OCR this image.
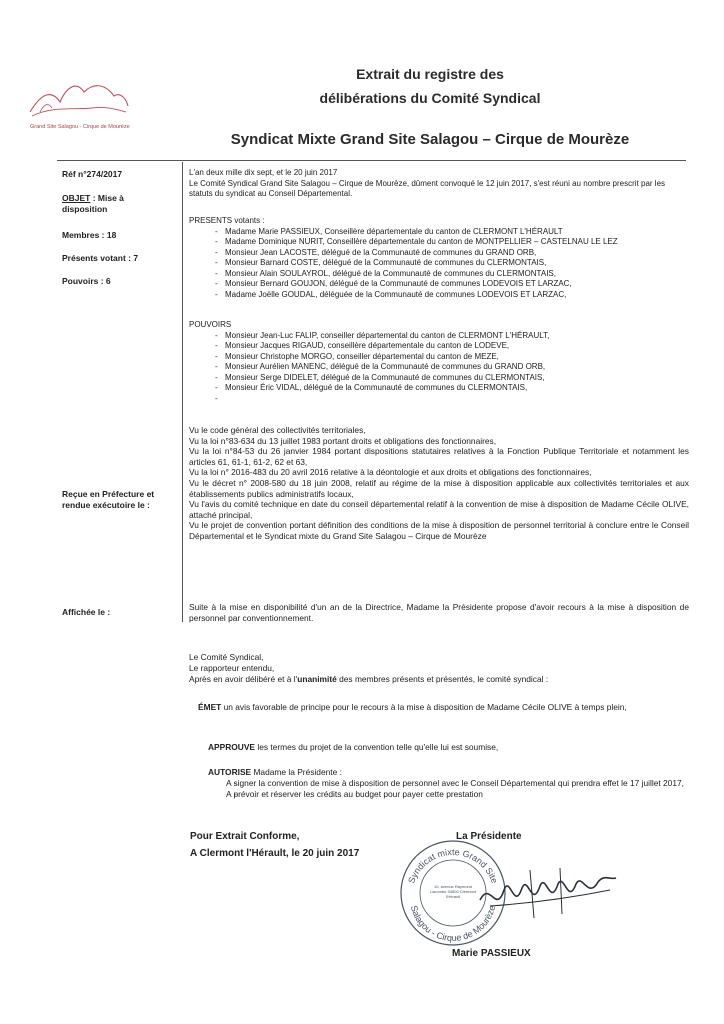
Grand Site Salagou - Cirque de Mourèze
Extrait du registre des
délibérations du Comité Syndical
Syndicat Mixte Grand Site Salagou – Cirque de Mourèze
Réf n°274/2017
OBJET : Mise à disposition
Membres : 18
Présents votant : 7
Pouvoirs : 6
Reçue en Préfecture et rendue exécutoire le :
Affichée le :

L'an deux mille dix sept, et le 20 juin 2017

Le Comité Syndical Grand Site Salagou – Cirque de Mourèze, dûment convoqué le 12 juin 2017, s'est réuni au nombre prescrit par les statuts du syndicat au Conseil Départemental.

PRESENTS votants :

- Madame Marie PASSIEUX, Conseillère départementale du canton de CLERMONT L'HÉRAULT
- Madame Dominique NURIT, Conseillère départementale du canton de MONTPELLIER – CASTELNAU LE LEZ
- Monsieur Jean LACOSTE, délégué de la Communauté de communes du GRAND ORB,
- Monsieur Barnard COSTE, délégué de la Communauté de communes du CLERMONTAIS,
- Monsieur Alain SOULAYROL, délégué de la Communauté de communes du CLERMONTAIS,
- Monsieur Bernard GOUJON, délégué de la Communauté de communes LODEVOIS ET LARZAC,
- Madame Joëlle GOUDAL, déléguée de la Communauté de communes LODEVOIS ET LARZAC,

POUVOIRS

- Monsieur Jean-Luc FALIP, conseiller départemental du canton de CLERMONT L'HÉRAULT,
- Monsieur Jacques RIGAUD, conseillère départementale du canton de LODEVE,
- Monsieur Christophe MORGO, conseiller départemental du canton de MEZE,
- Monsieur Aurélien MANENC, délégué de la Communauté de communes du GRAND ORB,
- Monsieur Serge DIDELET, délégué de la Communauté de communes du CLERMONTAIS,
- Monsieur Éric VIDAL, délégué de la Communauté de communes du CLERMONTAIS,
-

Vu le code général des collectivités territoriales,

Vu la loi n°83-634 du 13 juillet 1983 portant droits et obligations des fonctionnaires,

Vu la loi n°84-53 du 26 janvier 1984 portant dispositions statutaires relatives à la Fonction Publique Territoriale et notamment les articles 61, 61-1, 61-2, 62 et 63,

Vu la loi n° 2016-483 du 20 avril 2016 relative à la déontologie et aux droits et obligations des fonctionnaires,

Vu le décret n° 2008-580 du 18 juin 2008, relatif au régime de la mise à disposition applicable aux collectivités territoriales et aux établissements publics administratifs locaux,

Vu l'avis du comité technique en date du conseil départemental relatif à la convention de mise à disposition de Madame Cécile OLIVE, attaché principal,

Vu le projet de convention portant définition des conditions de la mise à disposition de personnel territorial à conclure entre le Conseil Départemental et le Syndicat mixte du Grand Site Salagou – Cirque de Mourèze

Suite à la mise en disponibilité d'un an de la Directrice, Madame la Présidente propose d'avoir recours à la mise à disposition de personnel par conventionnement.

Le Comité Syndical,

Le rapporteur entendu,

Après en avoir délibéré et à l'unanimité des membres présents et présentés, le comité syndical :

ÉMET un avis favorable de principe pour le recours à la mise à disposition de Madame Cécile OLIVE à temps plein,
APPROUVE les termes du projet de la convention telle qu'elle lui est soumise,

AUTORISE Madame la Présidente :

- A signer la convention de mise à disposition de personnel avec le Conseil Départemental qui prendra effet le 17 juillet 2017,
- A prévoir et réserver les crédits au budget pour payer cette prestation
Pour Extrait Conforme,
A Clermont l'Hérault, le 20 juin 2017
La Présidente
Marie PASSIEUX
Syndicat mixte Grand Site
Salagou - Cirque de Mourèze
10, avenue Raymond Lacombe 34800 Clermont l'Hérault
